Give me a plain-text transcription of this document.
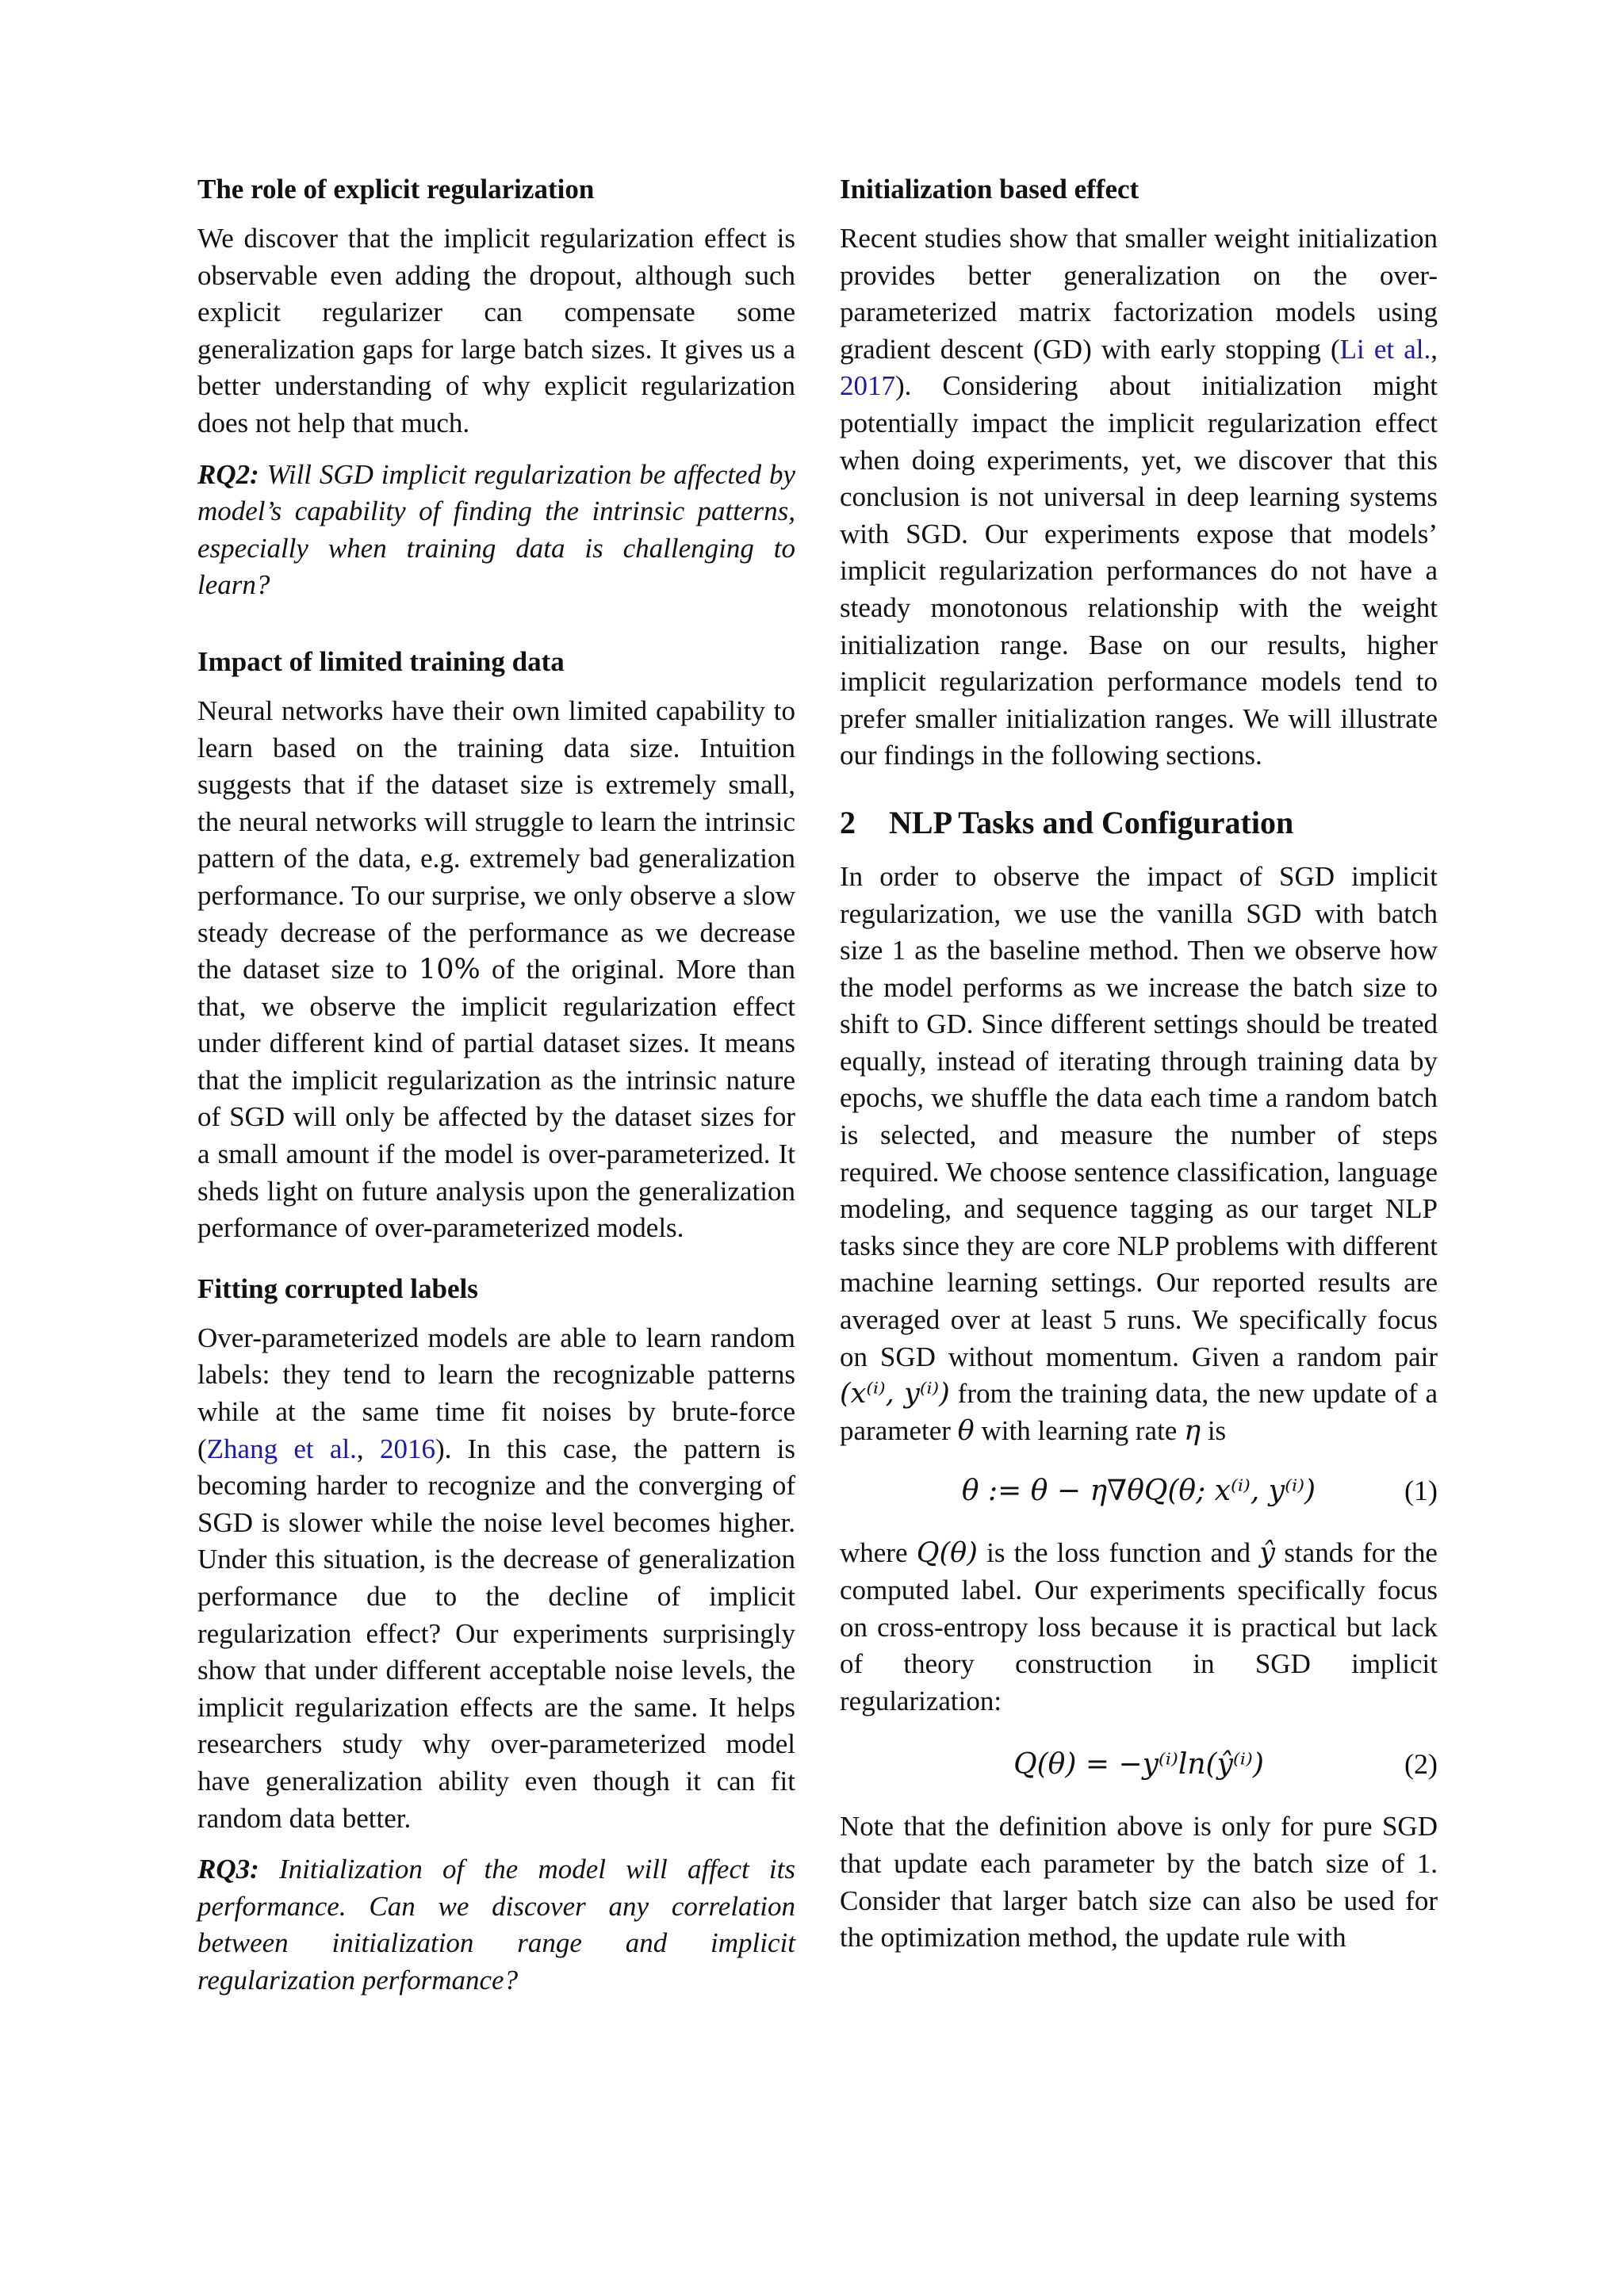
The role of explicit regularization

We discover that the implicit regularization effect is observable even adding the dropout, although such explicit regularizer can compensate some generalization gaps for large batch sizes. It gives us a better understanding of why explicit regularization does not help that much.

RQ2: Will SGD implicit regularization be affected by model’s capability of finding the intrinsic patterns, especially when training data is challenging to learn?

Impact of limited training data

Neural networks have their own limited capability to learn based on the training data size. Intuition suggests that if the dataset size is extremely small, the neural networks will struggle to learn the intrinsic pattern of the data, e.g. extremely bad generalization performance. To our surprise, we only observe a slow steady decrease of the performance as we decrease the dataset size to 10% of the original. More than that, we observe the implicit regularization effect under different kind of partial dataset sizes. It means that the implicit regularization as the intrinsic nature of SGD will only be affected by the dataset sizes for a small amount if the model is over-parameterized. It sheds light on future analysis upon the generalization performance of over-parameterized models.

Fitting corrupted labels

Over-parameterized models are able to learn random labels: they tend to learn the recognizable patterns while at the same time fit noises by brute-force (Zhang et al., 2016). In this case, the pattern is becoming harder to recognize and the converging of SGD is slower while the noise level becomes higher. Under this situation, is the decrease of generalization performance due to the decline of implicit regularization effect? Our experiments surprisingly show that under different acceptable noise levels, the implicit regularization effects are the same. It helps researchers study why over-parameterized model have generalization ability even though it can fit random data better.

RQ3: Initialization of the model will affect its performance. Can we discover any correlation between initialization range and implicit regularization performance?

Initialization based effect

Recent studies show that smaller weight initialization provides better generalization on the over-parameterized matrix factorization models using gradient descent (GD) with early stopping (Li et al., 2017). Considering about initialization might potentially impact the implicit regularization effect when doing experiments, yet, we discover that this conclusion is not universal in deep learning systems with SGD. Our experiments expose that models’ implicit regularization performances do not have a steady monotonous relationship with the weight initialization range. Base on our results, higher implicit regularization performance models tend to prefer smaller initialization ranges. We will illustrate our findings in the following sections.

2 NLP Tasks and Configuration

In order to observe the impact of SGD implicit regularization, we use the vanilla SGD with batch size 1 as the baseline method. Then we observe how the model performs as we increase the batch size to shift to GD. Since different settings should be treated equally, instead of iterating through training data by epochs, we shuffle the data each time a random batch is selected, and measure the number of steps required. We choose sentence classification, language modeling, and sequence tagging as our target NLP tasks since they are core NLP problems with different machine learning settings. Our reported results are averaged over at least 5 runs. We specifically focus on SGD without momentum. Given a random pair (x⁽ⁱ⁾, y⁽ⁱ⁾) from the training data, the new update of a parameter θ with learning rate η is

θ := θ − η∇θQ(θ; x⁽ⁱ⁾, y⁽ⁱ⁾)	(1)

where Q(θ) is the loss function and ŷ stands for the computed label. Our experiments specifically focus on cross-entropy loss because it is practical but lack of theory construction in SGD implicit regularization:

Q(θ) = −y⁽ⁱ⁾ln(ŷ⁽ⁱ⁾)	(2)

Note that the definition above is only for pure SGD that update each parameter by the batch size of 1. Consider that larger batch size can also be used for the optimization method, the update rule with
